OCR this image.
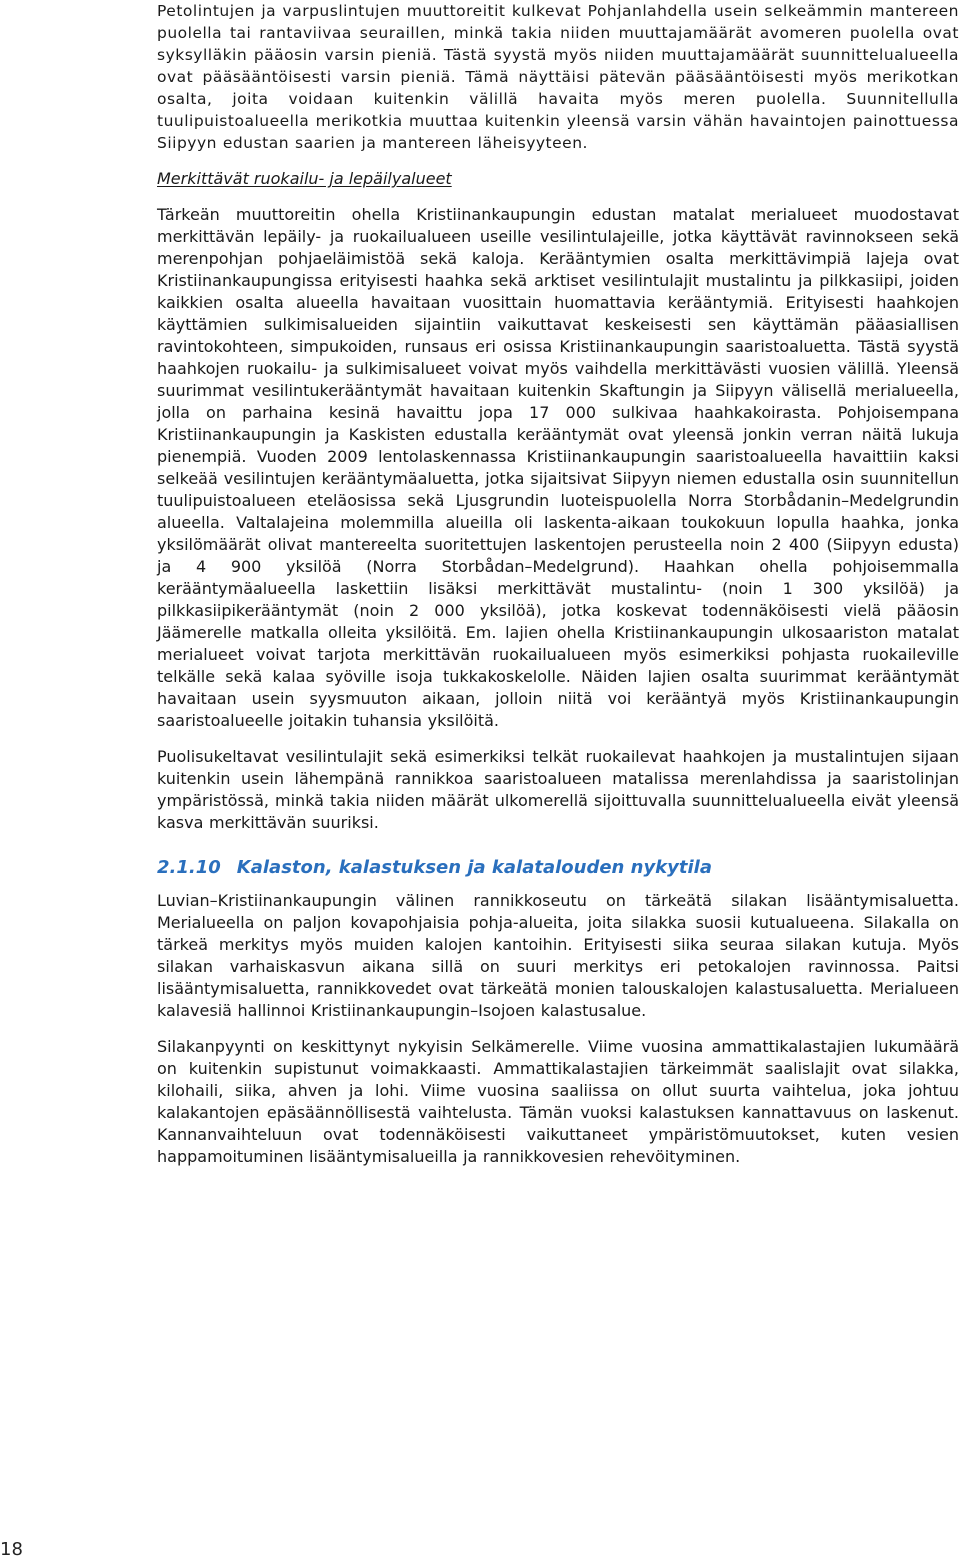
Petolintujen ja varpuslintujen muuttoreitit kulkevat Pohjanlahdella usein selkeämmin mantereen puolella tai rantaviivaa seuraillen, minkä takia niiden muuttajamäärät avomeren puolella ovat syksylläkin pääosin varsin pieniä. Tästä syystä myös niiden muuttajamäärät suunnittelualueella ovat pääsääntöisesti varsin pieniä. Tämä näyttäisi pätevän pääsääntöisesti myös merikotkan osalta, joita voidaan kuitenkin välillä havaita myös meren puolella. Suunnitellulla tuulipuistoalueella merikotkia muuttaa kuitenkin yleensä varsin vähän havaintojen painottuessa Siipyyn edustan saarien ja mantereen läheisyyteen.

Merkittävät ruokailu- ja lepäilyalueet

Tärkeän muuttoreitin ohella Kristiinankaupungin edustan matalat merialueet muodostavat merkittävän lepäily- ja ruokailualueen useille vesilintulajeille, jotka käyttävät ravinnokseen sekä merenpohjan pohjaeläimistöä sekä kaloja. Kerääntymien osalta merkittävimpiä lajeja ovat Kristiinankaupungissa erityisesti haahka sekä arktiset vesilintulajit mustalintu ja pilkkasiipi, joiden kaikkien osalta alueella havaitaan vuosittain huomattavia kerääntymiä. Erityisesti haahkojen käyttämien sulkimisalueiden sijaintiin vaikuttavat keskeisesti sen käyttämän pääasiallisen ravintokohteen, simpukoiden, runsaus eri osissa Kristiinankaupungin saaristoaluetta. Tästä syystä haahkojen ruokailu- ja sulkimisalueet voivat myös vaihdella merkittävästi vuosien välillä. Yleensä suurimmat vesilintukerääntymät havaitaan kuitenkin Skaftungin ja Siipyyn välisellä merialueella, jolla on parhaina kesinä havaittu jopa 17 000 sulkivaa haahkakoirasta. Pohjoisempana Kristiinankaupungin ja Kaskisten edustalla kerääntymät ovat yleensä jonkin verran näitä lukuja pienempiä. Vuoden 2009 lentolaskennassa Kristiinankaupungin saaristoalueella havaittiin kaksi selkeää vesilintujen kerääntymäaluetta, jotka sijaitsivat Siipyyn niemen edustalla osin suunnitellun tuulipuistoalueen eteläosissa sekä Ljusgrundin luoteispuolella Norra Storbådanin–Medelgrundin alueella. Valtalajeina molemmilla alueilla oli laskenta-aikaan toukokuun lopulla haahka, jonka yksilömäärät olivat mantereelta suoritettujen laskentojen perusteella noin 2 400 (Siipyyn edusta) ja 4 900 yksilöä (Norra Storbådan–Medelgrund). Haahkan ohella pohjoisemmalla kerääntymäalueella laskettiin lisäksi merkittävät mustalintu- (noin 1 300 yksilöä) ja pilkkasiipikerääntymät (noin 2 000 yksilöä), jotka koskevat todennäköisesti vielä pääosin Jäämerelle matkalla olleita yksilöitä. Em. lajien ohella Kristiinankaupungin ulkosaariston matalat merialueet voivat tarjota merkittävän ruokailualueen myös esimerkiksi pohjasta ruokaileville telkälle sekä kalaa syöville isoja tukkakoskelolle. Näiden lajien osalta suurimmat kerääntymät havaitaan usein syysmuuton aikaan, jolloin niitä voi kerääntyä myös Kristiinankaupungin saaristoalueelle joitakin tuhansia yksilöitä.

Puolisukeltavat vesilintulajit sekä esimerkiksi telkät ruokailevat haahkojen ja mustalintujen sijaan kuitenkin usein lähempänä rannikkoa saaristoalueen matalissa merenlahdissa ja saaristolinjan ympäristössä, minkä takia niiden määrät ulkomerellä sijoittuvalla suunnittelualueella eivät yleensä kasva merkittävän suuriksi.

2.1.10 Kalaston, kalastuksen ja kalatalouden nykytila

Luvian–Kristiinankaupungin välinen rannikkoseutu on tärkeätä silakan lisääntymisaluetta. Merialueella on paljon kovapohjaisia pohja-alueita, joita silakka suosii kutualueena. Silakalla on tärkeä merkitys myös muiden kalojen kantoihin. Erityisesti siika seuraa silakan kutuja. Myös silakan varhaiskasvun aikana sillä on suuri merkitys eri petokalojen ravinnossa. Paitsi lisääntymisaluetta, rannikkovedet ovat tärkeätä monien talouskalojen kalastusaluetta. Merialueen kalavesiä hallinnoi Kristiinankaupungin–Isojoen kalastusalue.

Silakanpyynti on keskittynyt nykyisin Selkämerelle. Viime vuosina ammattikalastajien lukumäärä on kuitenkin supistunut voimakkaasti. Ammattikalastajien tärkeimmät saalislajit ovat silakka, kilohaili, siika, ahven ja lohi. Viime vuosina saaliissa on ollut suurta vaihtelua, joka johtuu kalakantojen epäsäännöllisestä vaihtelusta. Tämän vuoksi kalastuksen kannattavuus on laskenut. Kannanvaihteluun ovat todennäköisesti vaikuttaneet ympäristömuutokset, kuten vesien happamoituminen lisääntymisalueilla ja rannikkovesien rehevöityminen.

18
